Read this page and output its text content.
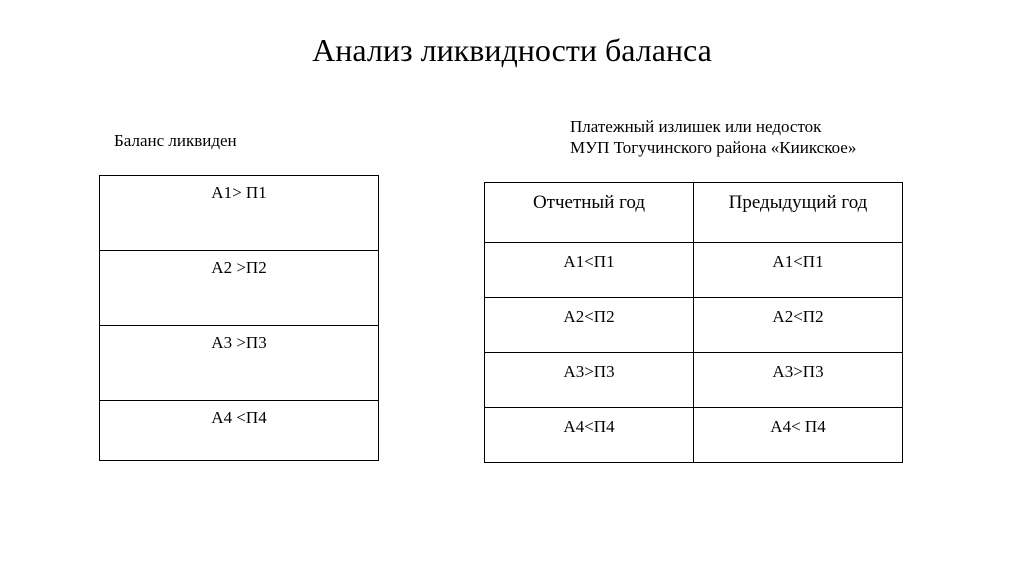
Анализ ликвидности баланса
Баланс ликвиден
Платежный излишек или недосток
МУП Тогучинского района «Киикское»
А1> П1
А2 >П2
А3 >П3
А4 <П4
Отчетный год	Предыдущий год
А1<П1	А1<П1
А2<П2	А2<П2
А3>П3	А3>П3
А4<П4	А4< П4
